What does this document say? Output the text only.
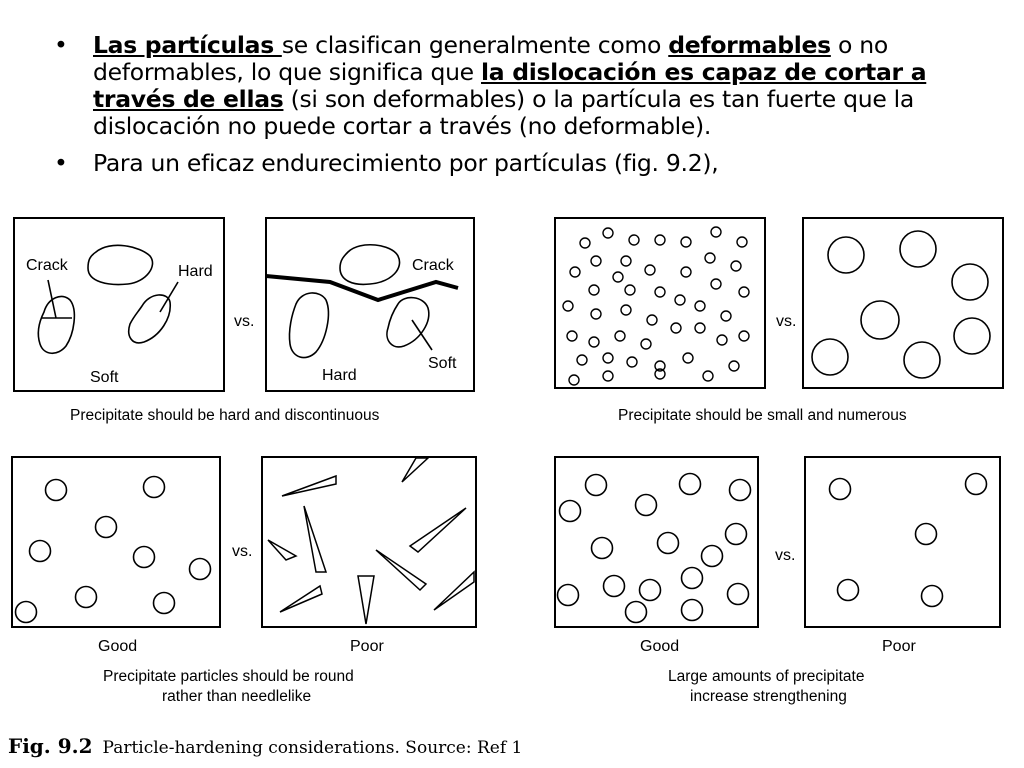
• Las partículas se clasifican generalmente como deformables o no deformables, lo que significa que la dislocación es capaz de cortar a través de ellas (si son deformables) o la partícula es tan fuerte que la dislocación no puede cortar a través (no deformable).
• Para un eficaz endurecimiento por partículas (fig. 9.2),
Crack	Hard
Soft
vs.
Crack
Soft
Hard
Precipitate should be hard and discontinuous
vs.
Precipitate should be small and numerous
vs.
Good	Poor
Precipitate particles should be round
rather than needlelike
vs.
Good	Poor
Large amounts of precipitate
increase strengthening
Fig. 9.2 Particle-hardening considerations. Source: Ref 1
